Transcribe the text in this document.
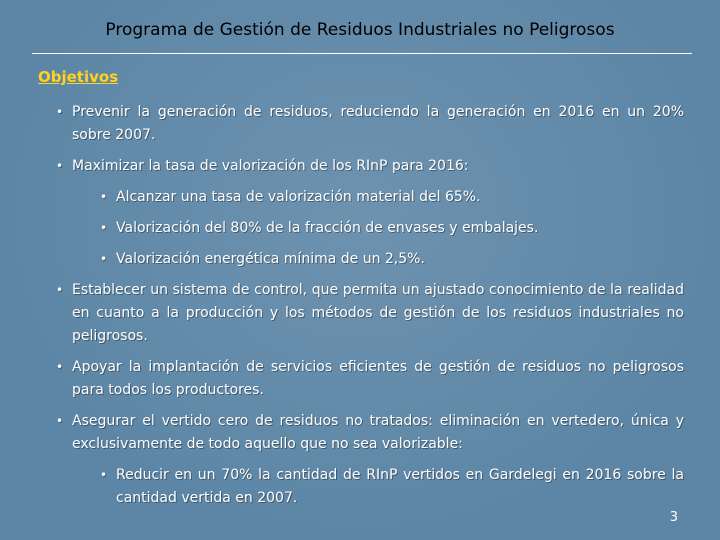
Programa de Gestión de Residuos Industriales no Peligrosos
Objetivos
• Prevenir la generación de residuos, reduciendo la generación en 2016 en un 20% sobre 2007.
• Maximizar la tasa de valorización de los RInP para 2016:
• Alcanzar una tasa de valorización material del 65%.
• Valorización del 80% de la fracción de envases y embalajes.
• Valorización energética mínima de un 2,5%.
• Establecer un sistema de control, que permita un ajustado conocimiento de la realidad en cuanto a la producción y los métodos de gestión de los residuos industriales no peligrosos.
• Apoyar la implantación de servicios eficientes de gestión de residuos no peligrosos para todos los productores.
• Asegurar el vertido cero de residuos no tratados: eliminación en vertedero, única y exclusivamente de todo aquello que no sea valorizable:
• Reducir en un 70% la cantidad de RInP vertidos en Gardelegi en 2016 sobre la cantidad vertida en 2007.
3
